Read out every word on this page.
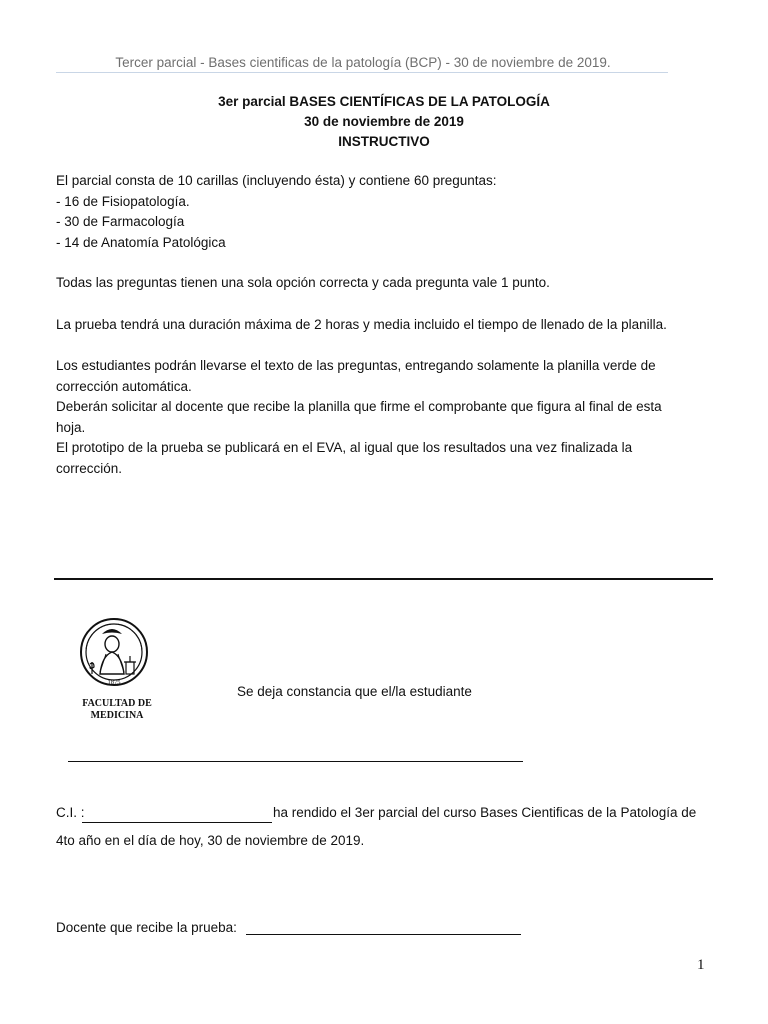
Tercer parcial - Bases cientificas de la patología (BCP) - 30 de noviembre de 2019.
3er parcial BASES CIENTÍFICAS DE LA PATOLOGÍA
30 de noviembre de 2019
INSTRUCTIVO
El parcial consta de 10 carillas (incluyendo ésta) y contiene 60 preguntas:
- 16 de Fisiopatología.
- 30 de Farmacología
- 14 de Anatomía Patológica
Todas las preguntas tienen una sola opción correcta y cada pregunta vale 1 punto.
La prueba tendrá una duración máxima de 2 horas y media incluido el tiempo de llenado de la planilla.
Los estudiantes podrán llevarse el texto de las preguntas, entregando solamente la planilla verde de
corrección automática.
Deberán solicitar al docente que recibe la planilla que firme el comprobante que figura al final de esta
hoja.
El prototipo de la prueba se publicará en el EVA, al igual que los resultados una vez finalizada la
corrección.
1875
FACULTAD DE
MEDICINA
Se deja constancia que el/la estudiante
C.I. :	ha rendido el 3er parcial del curso Bases Cientificas de la Patología de
4to año en el día de hoy, 30 de noviembre de 2019.
Docente que recibe la prueba:
1
